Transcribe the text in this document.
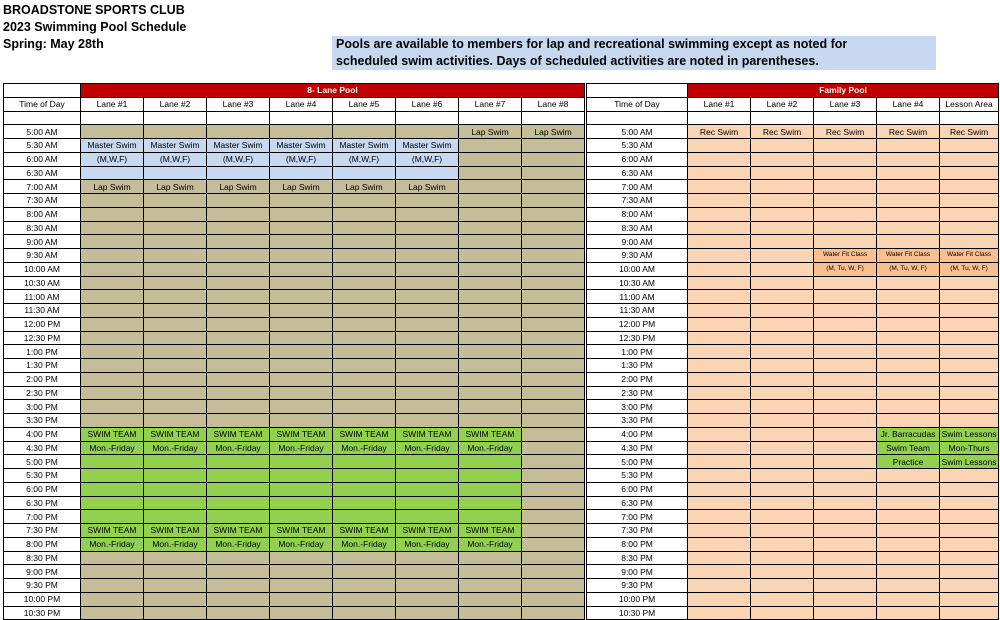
BROADSTONE SPORTS CLUB
2023 Swimming Pool Schedule
Spring: May 28th	Pools are available to members for lap and recreational swimming except as noted for
scheduled swim activities. Days of scheduled activities are noted in parentheses.
	8- Lane Pool										Family Pool				
Time of Day	Lane #1	Lane #2	Lane #3	Lane #4	Lane #5	Lane #6	Lane #7	Lane #8		Time of Day	Lane #1	Lane #2	Lane #3	Lane #4	Lesson Area

5:00 AM							Lap Swim	Lap Swim		5:00 AM	Rec Swim	Rec Swim	Rec Swim	Rec Swim	Rec Swim
5:30 AM	Master Swim	Master Swim	Master Swim	Master Swim	Master Swim	Master Swim				5:30 AM					
6:00 AM	(M,W,F)	(M,W,F)	(M,W,F)	(M,W,F)	(M,W,F)	(M,W,F)				6:00 AM					
6:30 AM										6:30 AM					
7:00 AM	Lap Swim	Lap Swim	Lap Swim	Lap Swim	Lap Swim	Lap Swim				7:00 AM					
7:30 AM										7:30 AM					
8:00 AM										8:00 AM					
8:30 AM										8:30 AM					
9:00 AM										9:00 AM					
9:30 AM										9:30 AM			Water Fit Class	Water Fit Class	Water Fit Class
10:00 AM										10:00 AM			(M, Tu, W, F)	(M, Tu, W, F)	(M, Tu, W, F)
10:30 AM										10:30 AM					
11:00 AM										11:00 AM					
11:30 AM										11:30 AM					
12:00 PM										12:00 PM					
12:30 PM										12:30 PM					
1:00 PM										1:00 PM					
1:30 PM										1:30 PM					
2:00 PM										2:00 PM					
2:30 PM										2:30 PM					
3:00 PM										3:00 PM					
3:30 PM										3:30 PM					
4:00 PM	SWIM TEAM	SWIM TEAM	SWIM TEAM	SWIM TEAM	SWIM TEAM	SWIM TEAM	SWIM TEAM			4:00 PM				Jr. Barracudas	Swim Lessons
4:30 PM	Mon.-Friday	Mon.-Friday	Mon.-Friday	Mon.-Friday	Mon.-Friday	Mon.-Friday	Mon.-Friday			4:30 PM				Swim Team	Mon-Thurs
5:00 PM										5:00 PM				Practice	Swim Lessons
5:30 PM										5:30 PM					
6:00 PM										6:00 PM					
6:30 PM										6:30 PM					
7:00 PM										7:00 PM					
7:30 PM	SWIM TEAM	SWIM TEAM	SWIM TEAM	SWIM TEAM	SWIM TEAM	SWIM TEAM	SWIM TEAM			7:30 PM					
8:00 PM	Mon.-Friday	Mon.-Friday	Mon.-Friday	Mon.-Friday	Mon.-Friday	Mon.-Friday	Mon.-Friday			8:00 PM					
8:30 PM										8:30 PM					
9:00 PM										9:00 PM					
9:30 PM										9:30 PM					
10:00 PM										10:00 PM					
10:30 PM										10:30 PM					
